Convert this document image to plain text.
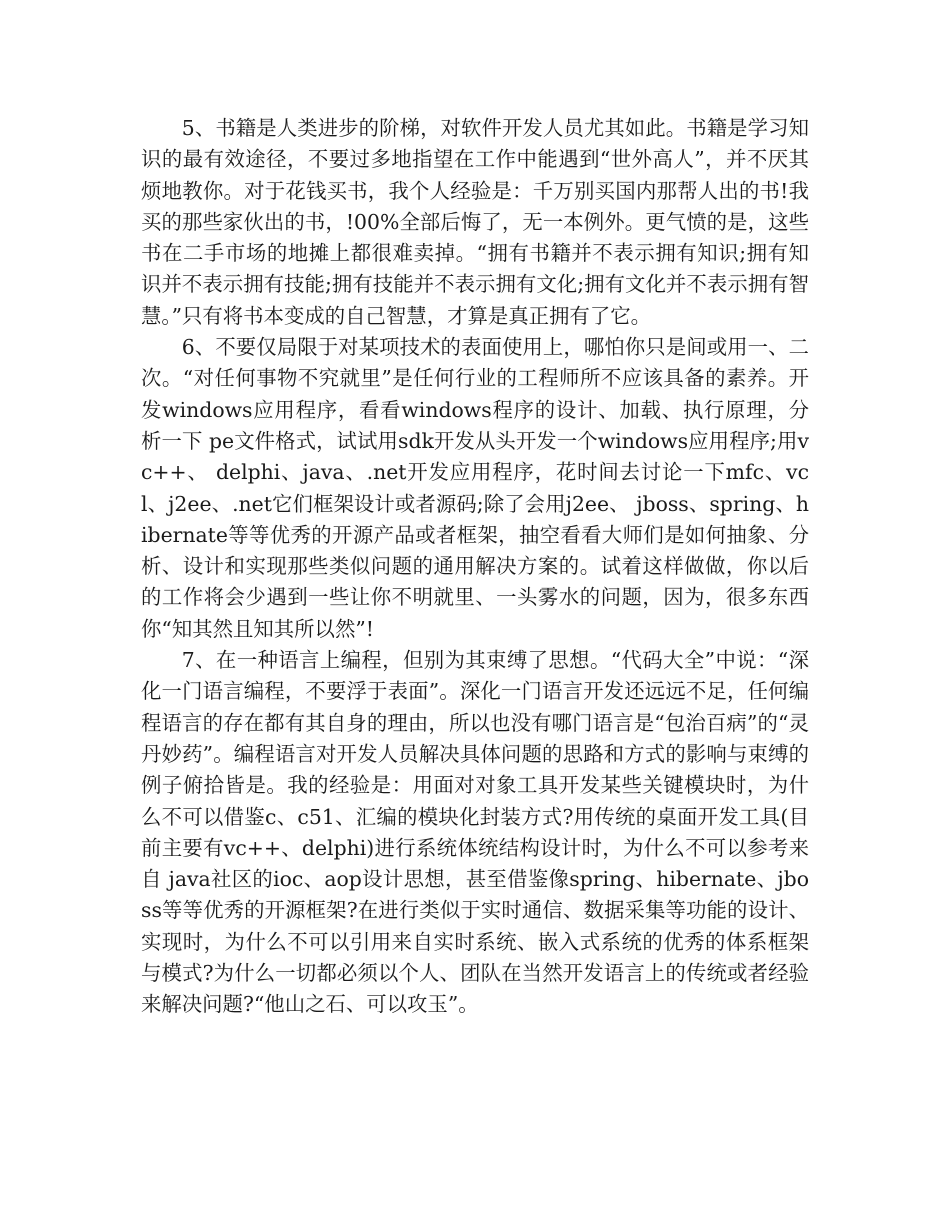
5、书籍是人类进步的阶梯，对软件开发人员尤其如此。书籍是学习知识的最有效途径，不要过多地指望在工作中能遇到“世外高人”，并不厌其烦地教你。对于花钱买书，我个人经验是：千万别买国内那帮人出的书!我买的那些家伙出的书，!00%全部后悔了，无一本例外。更气愤的是，这些书在二手市场的地摊上都很难卖掉。“拥有书籍并不表示拥有知识;拥有知识并不表示拥有技能;拥有技能并不表示拥有文化;拥有文化并不表示拥有智慧。”只有将书本变成的自己智慧，才算是真正拥有了它。

6、不要仅局限于对某项技术的表面使用上，哪怕你只是间或用一、二次。“对任何事物不究就里”是任何行业的工程师所不应该具备的素养。开发windows应用程序，看看windows程序的设计、加载、执行原理，分析一下 pe文件格式，试试用sdk开发从头开发一个windows应用程序;用vc++、 delphi、java、.net开发应用程序，花时间去讨论一下mfc、vcl、j2ee、.net它们框架设计或者源码;除了会用j2ee、 jboss、spring、hibernate等等优秀的开源产品或者框架，抽空看看大师们是如何抽象、分析、设计和实现那些类似问题的通用解决方案的。试着这样做做，你以后的工作将会少遇到一些让你不明就里、一头雾水的问题，因为，很多东西你“知其然且知其所以然”!

7、在一种语言上编程，但别为其束缚了思想。“代码大全”中说：“深化一门语言编程，不要浮于表面”。深化一门语言开发还远远不足，任何编程语言的存在都有其自身的理由，所以也没有哪门语言是“包治百病”的“灵丹妙药”。编程语言对开发人员解决具体问题的思路和方式的影响与束缚的例子俯拾皆是。我的经验是：用面对对象工具开发某些关键模块时，为什么不可以借鉴c、c51、汇编的模块化封装方式?用传统的桌面开发工具(目前主要有vc++、delphi)进行系统体统结构设计时，为什么不可以参考来自 java社区的ioc、aop设计思想，甚至借鉴像spring、hibernate、jboss等等优秀的开源框架?在进行类似于实时通信、数据采集等功能的设计、实现时，为什么不可以引用来自实时系统、嵌入式系统的优秀的体系框架与模式?为什么一切都必须以个人、团队在当然开发语言上的传统或者经验来解决问题?“他山之石、可以攻玉”。
